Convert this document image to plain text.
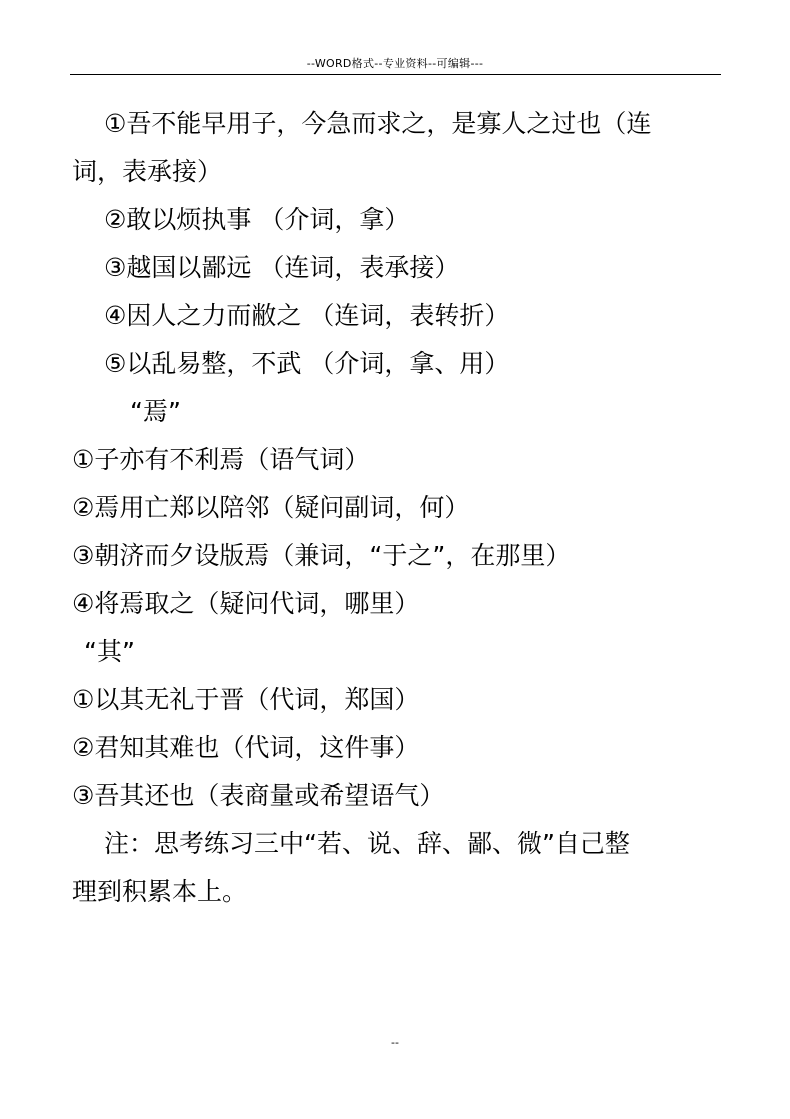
--WORD格式--专业资料--可编辑---
①吾不能早用子，今急而求之，是寡人之过也（连
词，表承接）
②敢以烦执事 （介词，拿）
③越国以鄙远 （连词，表承接）
④因人之力而敝之 （连词，表转折）
⑤以乱易整，不武 （介词，拿、用）
“焉”
①子亦有不利焉（语气词）
②焉用亡郑以陪邻（疑问副词，何）
③朝济而夕设版焉（兼词，“于之”，在那里）
④将焉取之（疑问代词，哪里）
“其”
①以其无礼于晋（代词，郑国）
②君知其难也（代词，这件事）
③吾其还也（表商量或希望语气）
注：思考练习三中“若、说、辞、鄙、微”自己整
理到积累本上。
--
